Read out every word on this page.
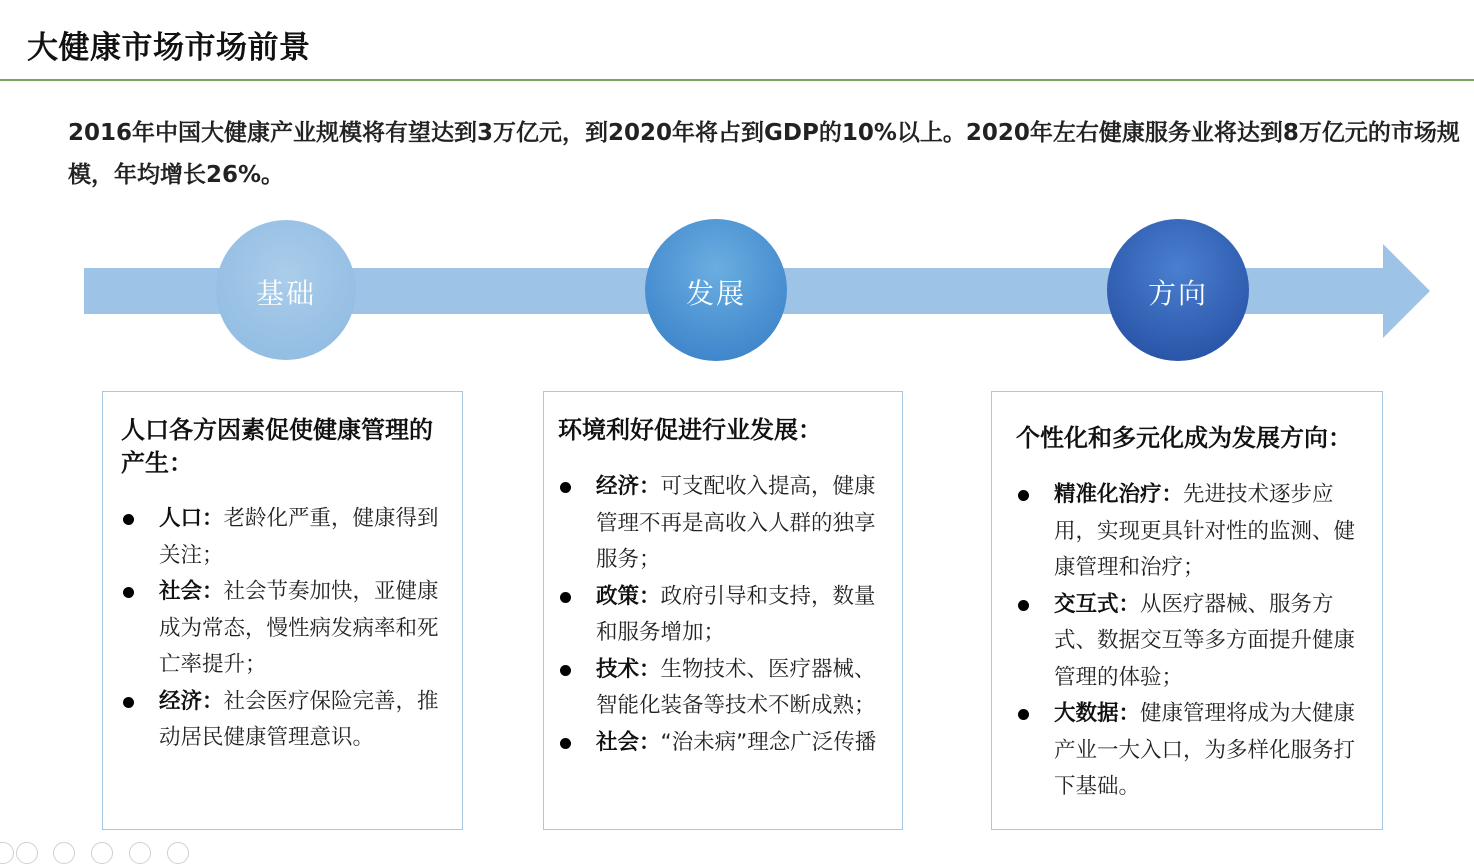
大健康市场市场前景
2016年中国大健康产业规模将有望达到3万亿元，到2020年将占到GDP的10%以上。2020年左右健康服务业将达到8万亿元的市场规模，年均增长26%。
基础	发展	方向
人口各方因素促使健康管理的产生：
人口：老龄化严重，健康得到关注；
社会：社会节奏加快，亚健康成为常态，慢性病发病率和死亡率提升；
经济：社会医疗保险完善，推动居民健康管理意识。
环境利好促进行业发展：
经济：可支配收入提高，健康管理不再是高收入人群的独享服务；
政策：政府引导和支持，数量和服务增加；
技术：生物技术、医疗器械、智能化装备等技术不断成熟；
社会：“治未病”理念广泛传播
个性化和多元化成为发展方向：
精准化治疗：先进技术逐步应用，实现更具针对性的监测、健康管理和治疗；
交互式：从医疗器械、服务方式、数据交互等多方面提升健康管理的体验；
大数据：健康管理将成为大健康产业一大入口，为多样化服务打下基础。
